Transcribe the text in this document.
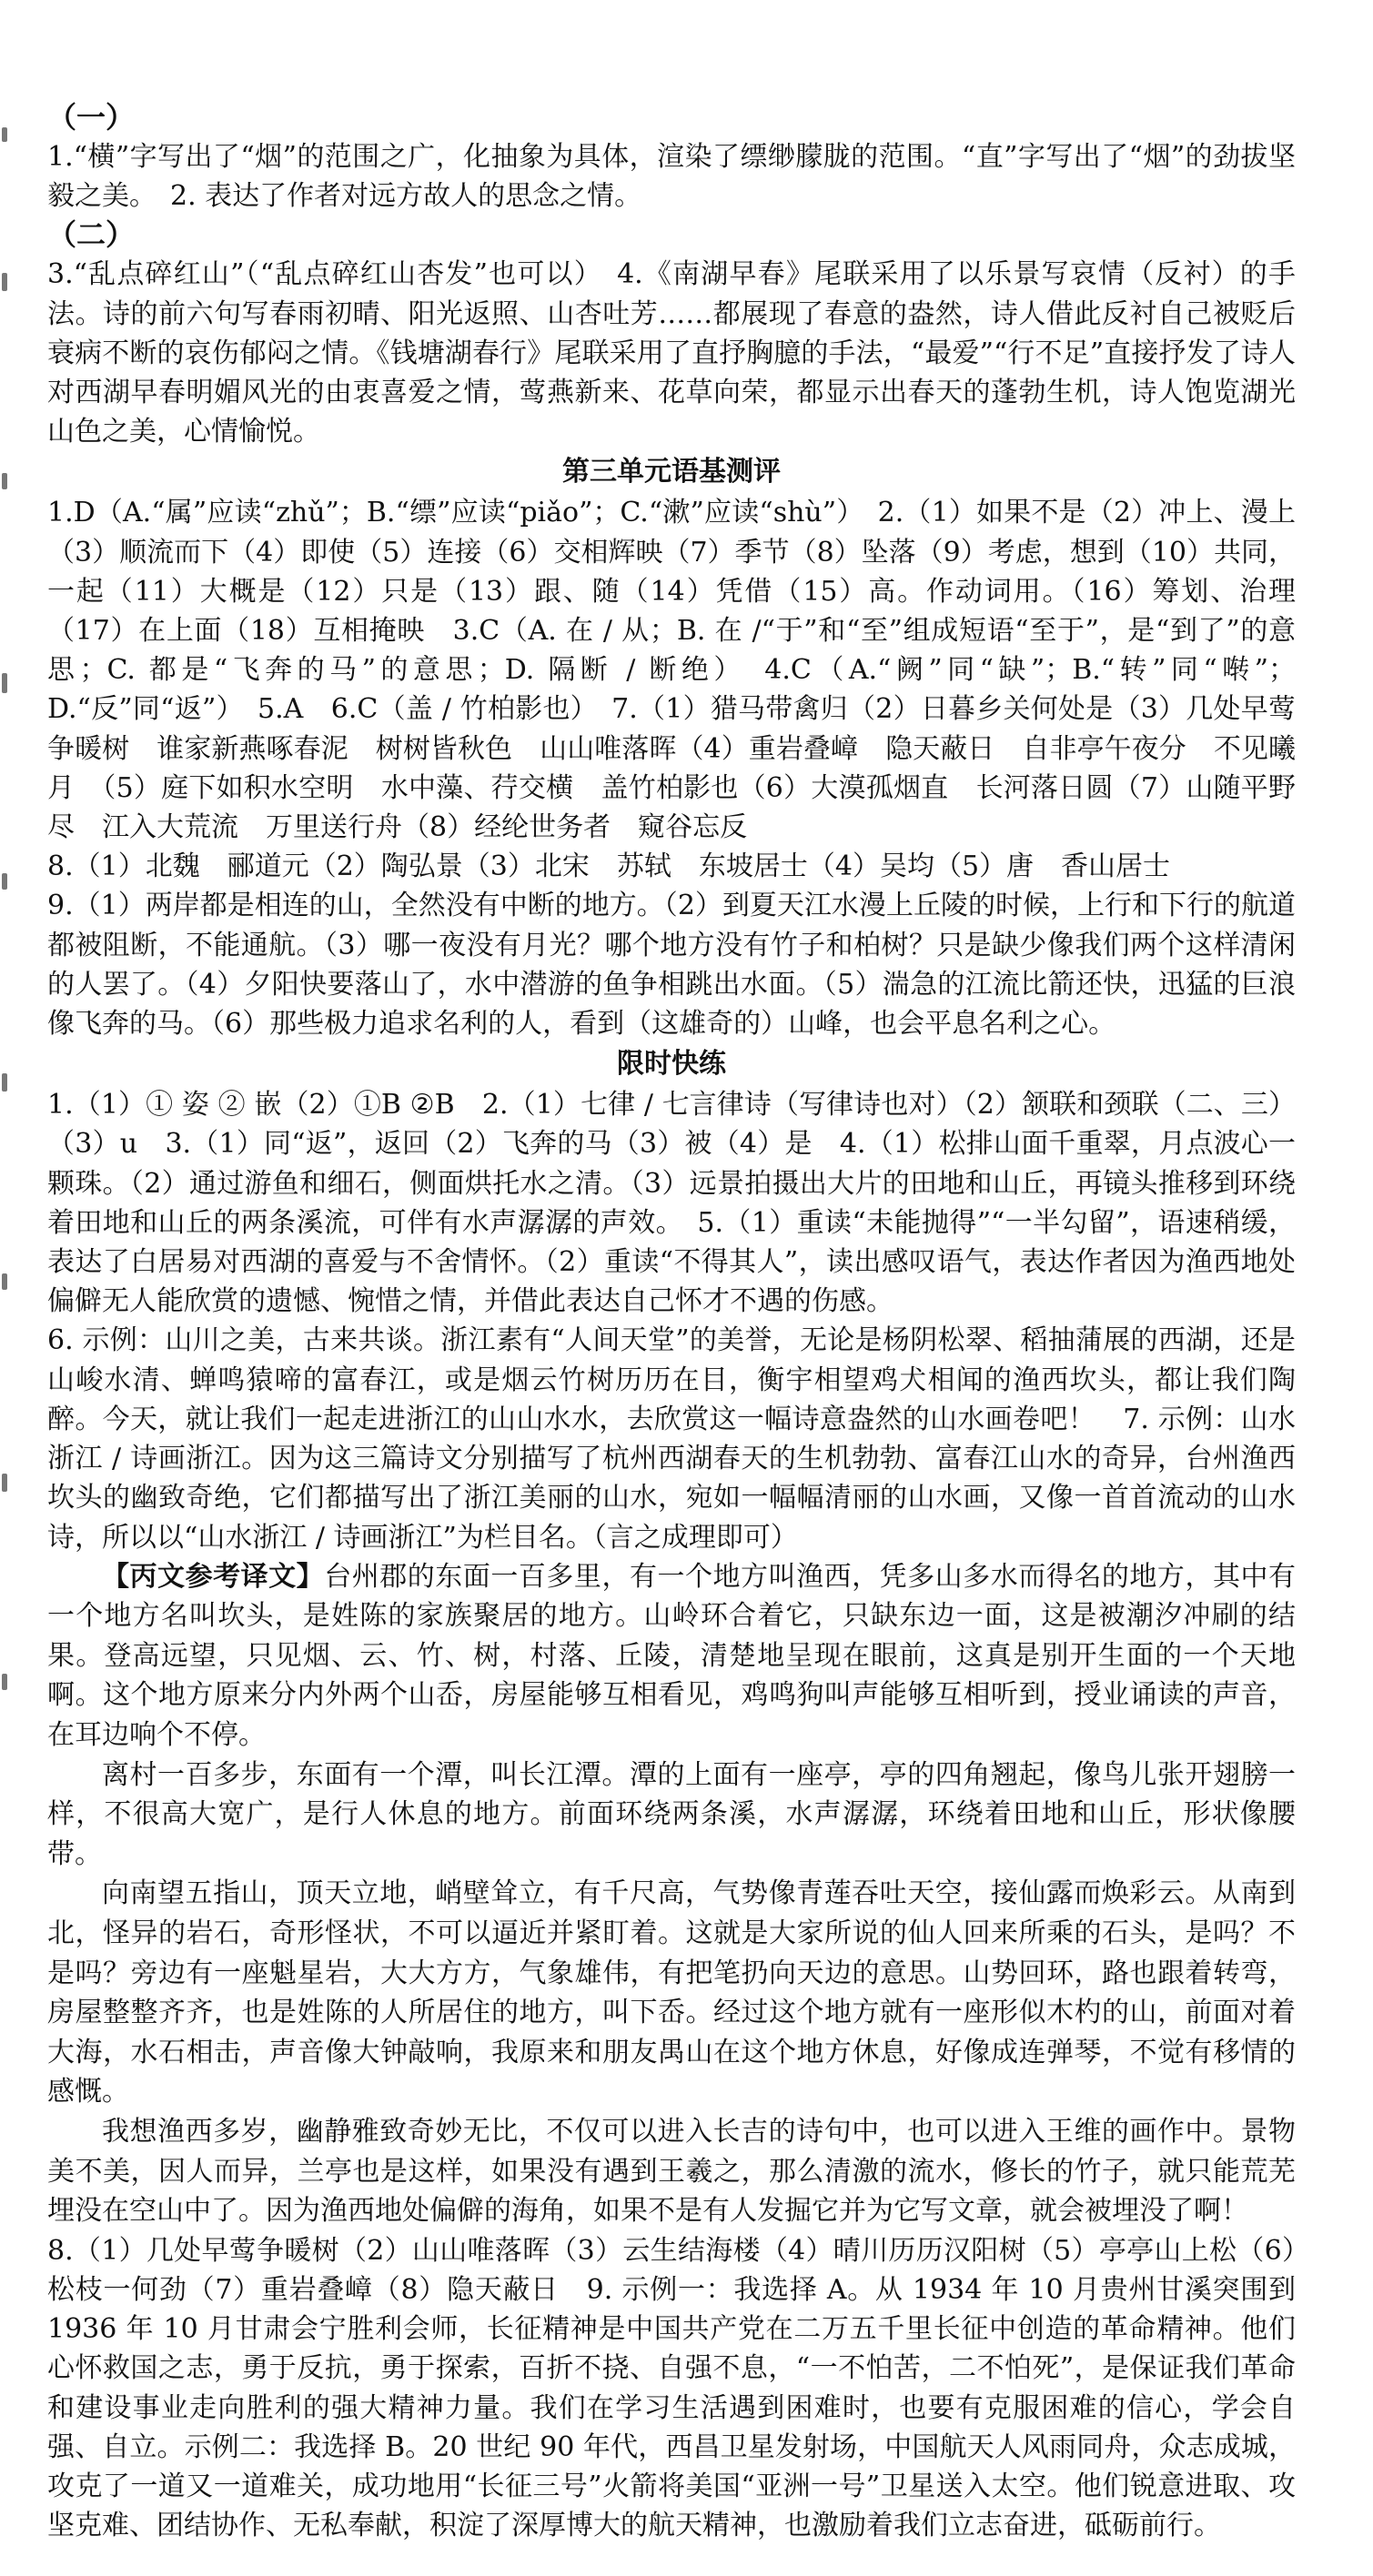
（一）

1.“横”字写出了“烟”的范围之广，化抽象为具体，渲染了缥缈朦胧的范围。“直”字写出了“烟”的劲拔坚毅之美。　2. 表达了作者对远方故人的思念之情。

（二）

3.“乱点碎红山”（“乱点碎红山杏发”也可以）　4.《南湖早春》尾联采用了以乐景写哀情（反衬）的手法。诗的前六句写春雨初晴、阳光返照、山杏吐芳……都展现了春意的盎然，诗人借此反衬自己被贬后衰病不断的哀伤郁闷之情。《钱塘湖春行》尾联采用了直抒胸臆的手法，“最爱”“行不足”直接抒发了诗人对西湖早春明媚风光的由衷喜爱之情，莺燕新来、花草向荣，都显示出春天的蓬勃生机，诗人饱览湖光山色之美，心情愉悦。

第三单元语基测评

1.D（A.“属”应读“zhǔ”；B.“缥”应读“piǎo”；C.“漱”应读“shù”）　2.（1）如果不是（2）冲上、漫上（3）顺流而下（4）即使（5）连接（6）交相辉映（7）季节（8）坠落（9）考虑，想到（10）共同，一起（11）大概是（12）只是（13）跟、随（14）凭借（15）高。作动词用。（16）筹划、治理（17）在上面（18）互相掩映　3.C（A. 在 / 从；B. 在 /“于”和“至”组成短语“至于”，是“到了”的意思；C. 都是“飞奔的马”的意思；D. 隔断 / 断绝）　4.C（A.“阙”同“缺”；B.“转”同“啭”；D.“反”同“返”）　5.A　6.C（盖 / 竹柏影也）　7.（1）猎马带禽归（2）日暮乡关何处是（3）几处早莺争暖树　谁家新燕啄春泥　树树皆秋色　山山唯落晖（4）重岩叠嶂　隐天蔽日　自非亭午夜分　不见曦月　（5）庭下如积水空明　水中藻、荇交横　盖竹柏影也（6）大漠孤烟直　长河落日圆（7）山随平野尽　江入大荒流　万里送行舟（8）经纶世务者　窥谷忘反

8.（1）北魏　郦道元（2）陶弘景（3）北宋　苏轼　东坡居士（4）吴均（5）唐　香山居士

9.（1）两岸都是相连的山，全然没有中断的地方。（2）到夏天江水漫上丘陵的时候，上行和下行的航道都被阻断，不能通航。（3）哪一夜没有月光？哪个地方没有竹子和柏树？只是缺少像我们两个这样清闲的人罢了。（4）夕阳快要落山了，水中潜游的鱼争相跳出水面。（5）湍急的江流比箭还快，迅猛的巨浪像飞奔的马。（6）那些极力追求名利的人，看到（这雄奇的）山峰，也会平息名利之心。

限时快练

1.（1）① 姿 ② 嵌（2）①B ②B　2.（1）七律 / 七言律诗（写律诗也对）（2）颔联和颈联（二、三）（3）u　3.（1）同“返”，返回（2）飞奔的马（3）被（4）是　4.（1）松排山面千重翠，月点波心一颗珠。（2）通过游鱼和细石，侧面烘托水之清。（3）远景拍摄出大片的田地和山丘，再镜头推移到环绕着田地和山丘的两条溪流，可伴有水声潺潺的声效。　5.（1）重读“未能抛得”“一半勾留”，语速稍缓，表达了白居易对西湖的喜爱与不舍情怀。（2）重读“不得其人”，读出感叹语气，表达作者因为渔西地处偏僻无人能欣赏的遗憾、惋惜之情，并借此表达自己怀才不遇的伤感。

6. 示例：山川之美，古来共谈。浙江素有“人间天堂”的美誉，无论是杨阴松翠、稻抽蒲展的西湖，还是山峻水清、蝉鸣猿啼的富春江，或是烟云竹树历历在目，衡宇相望鸡犬相闻的渔西坎头，都让我们陶醉。今天，就让我们一起走进浙江的山山水水，去欣赏这一幅诗意盎然的山水画卷吧！　7. 示例：山水浙江 / 诗画浙江。因为这三篇诗文分别描写了杭州西湖春天的生机勃勃、富春江山水的奇异，台州渔西坎头的幽致奇绝，它们都描写出了浙江美丽的山水，宛如一幅幅清丽的山水画，又像一首首流动的山水诗，所以以“山水浙江 / 诗画浙江”为栏目名。（言之成理即可）

【丙文参考译文】台州郡的东面一百多里，有一个地方叫渔西，凭多山多水而得名的地方，其中有一个地方名叫坎头，是姓陈的家族聚居的地方。山岭环合着它，只缺东边一面，这是被潮汐冲刷的结果。登高远望，只见烟、云、竹、树，村落、丘陵，清楚地呈现在眼前，这真是别开生面的一个天地啊。这个地方原来分内外两个山岙，房屋能够互相看见，鸡鸣狗叫声能够互相听到，授业诵读的声音，在耳边响个不停。

离村一百多步，东面有一个潭，叫长江潭。潭的上面有一座亭，亭的四角翘起，像鸟儿张开翅膀一样，不很高大宽广，是行人休息的地方。前面环绕两条溪，水声潺潺，环绕着田地和山丘，形状像腰带。

向南望五指山，顶天立地，峭壁耸立，有千尺高，气势像青莲吞吐天空，接仙露而焕彩云。从南到北，怪异的岩石，奇形怪状，不可以逼近并紧盯着。这就是大家所说的仙人回来所乘的石头，是吗？不是吗？旁边有一座魁星岩，大大方方，气象雄伟，有把笔扔向天边的意思。山势回环，路也跟着转弯，房屋整整齐齐，也是姓陈的人所居住的地方，叫下岙。经过这个地方就有一座形似木杓的山，前面对着大海，水石相击，声音像大钟敲响，我原来和朋友禺山在这个地方休息，好像成连弹琴，不觉有移情的感慨。

我想渔西多岁，幽静雅致奇妙无比，不仅可以进入长吉的诗句中，也可以进入王维的画作中。景物美不美，因人而异，兰亭也是这样，如果没有遇到王羲之，那么清激的流水，修长的竹子，就只能荒芜埋没在空山中了。因为渔西地处偏僻的海角，如果不是有人发掘它并为它写文章，就会被埋没了啊！

8.（1）几处早莺争暖树（2）山山唯落晖（3）云生结海楼（4）晴川历历汉阳树（5）亭亭山上松（6）松枝一何劲（7）重岩叠嶂（8）隐天蔽日　9. 示例一：我选择 A。从 1934 年 10 月贵州甘溪突围到 1936 年 10 月甘肃会宁胜利会师，长征精神是中国共产党在二万五千里长征中创造的革命精神。他们心怀救国之志，勇于反抗，勇于探索，百折不挠、自强不息，“一不怕苦，二不怕死”，是保证我们革命和建设事业走向胜利的强大精神力量。我们在学习生活遇到困难时，也要有克服困难的信心，学会自强、自立。示例二：我选择 B。20 世纪 90 年代，西昌卫星发射场，中国航天人风雨同舟，众志成城，攻克了一道又一道难关，成功地用“长征三号”火箭将美国“亚洲一号”卫星送入太空。他们锐意进取、攻坚克难、团结协作、无私奉献，积淀了深厚博大的航天精神，也激励着我们立志奋进，砥砺前行。
